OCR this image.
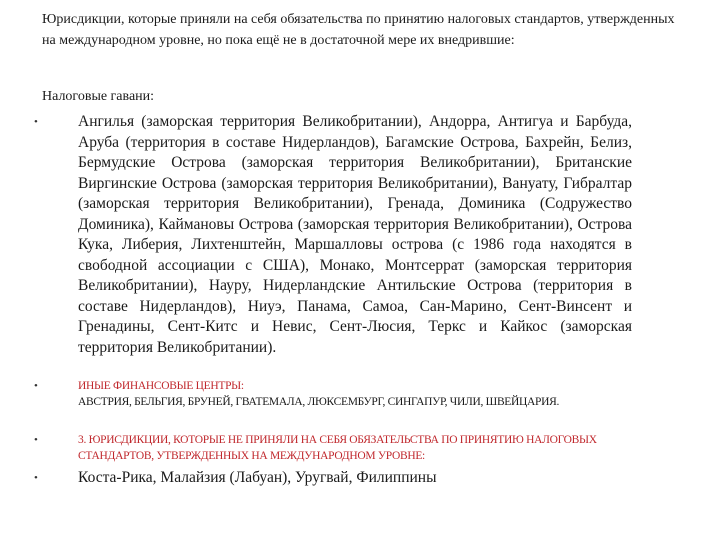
Юрисдикции, которые приняли на себя обязательства по принятию налоговых стандартов, утвержденных на международном уровне, но пока ещё не в достаточной мере их внедрившие:
Налоговые гавани:
•	Ангилья (заморская территория Великобритании), Андорра, Антигуа и Барбуда, Аруба (территория в составе Нидерландов), Багамские Острова, Бахрейн, Белиз, Бермудские Острова (заморская территория Великобритании), Британские Виргинские Острова (заморская территория Великобритании), Вануату, Гибралтар (заморская территория Великобритании), Гренада, Доминика (Содружество Доминика), Каймановы Острова (заморская территория Великобритании), Острова Кука, Либерия, Лихтенштейн, Маршалловы острова (с 1986 года находятся в свободной ассоциации с США), Монако, Монтсеррат (заморская территория Великобритании), Науру, Нидерландские Антильские Острова (территория в составе Нидерландов), Ниуэ, Панама, Самоа, Сан-Марино, Сент-Винсент и Гренадины, Сент-Китс и Невис, Сент-Люсия, Теркс и Кайкос (заморская территория Великобритании).
•	ИНЫЕ ФИНАНСОВЫЕ ЦЕНТРЫ:
АВСТРИЯ, БЕЛЬГИЯ, БРУНЕЙ, ГВАТЕМАЛА, ЛЮКСЕМБУРГ, СИНГАПУР, ЧИЛИ, ШВЕЙЦАРИЯ.
•	3. ЮРИСДИКЦИИ, КОТОРЫЕ НЕ ПРИНЯЛИ НА СЕБЯ ОБЯЗАТЕЛЬСТВА ПО ПРИНЯТИЮ НАЛОГОВЫХ СТАНДАРТОВ, УТВЕРЖДЕННЫХ НА МЕЖДУНАРОДНОМ УРОВНЕ:
•	Коста-Рика, Малайзия (Лабуан), Уругвай, Филиппины
